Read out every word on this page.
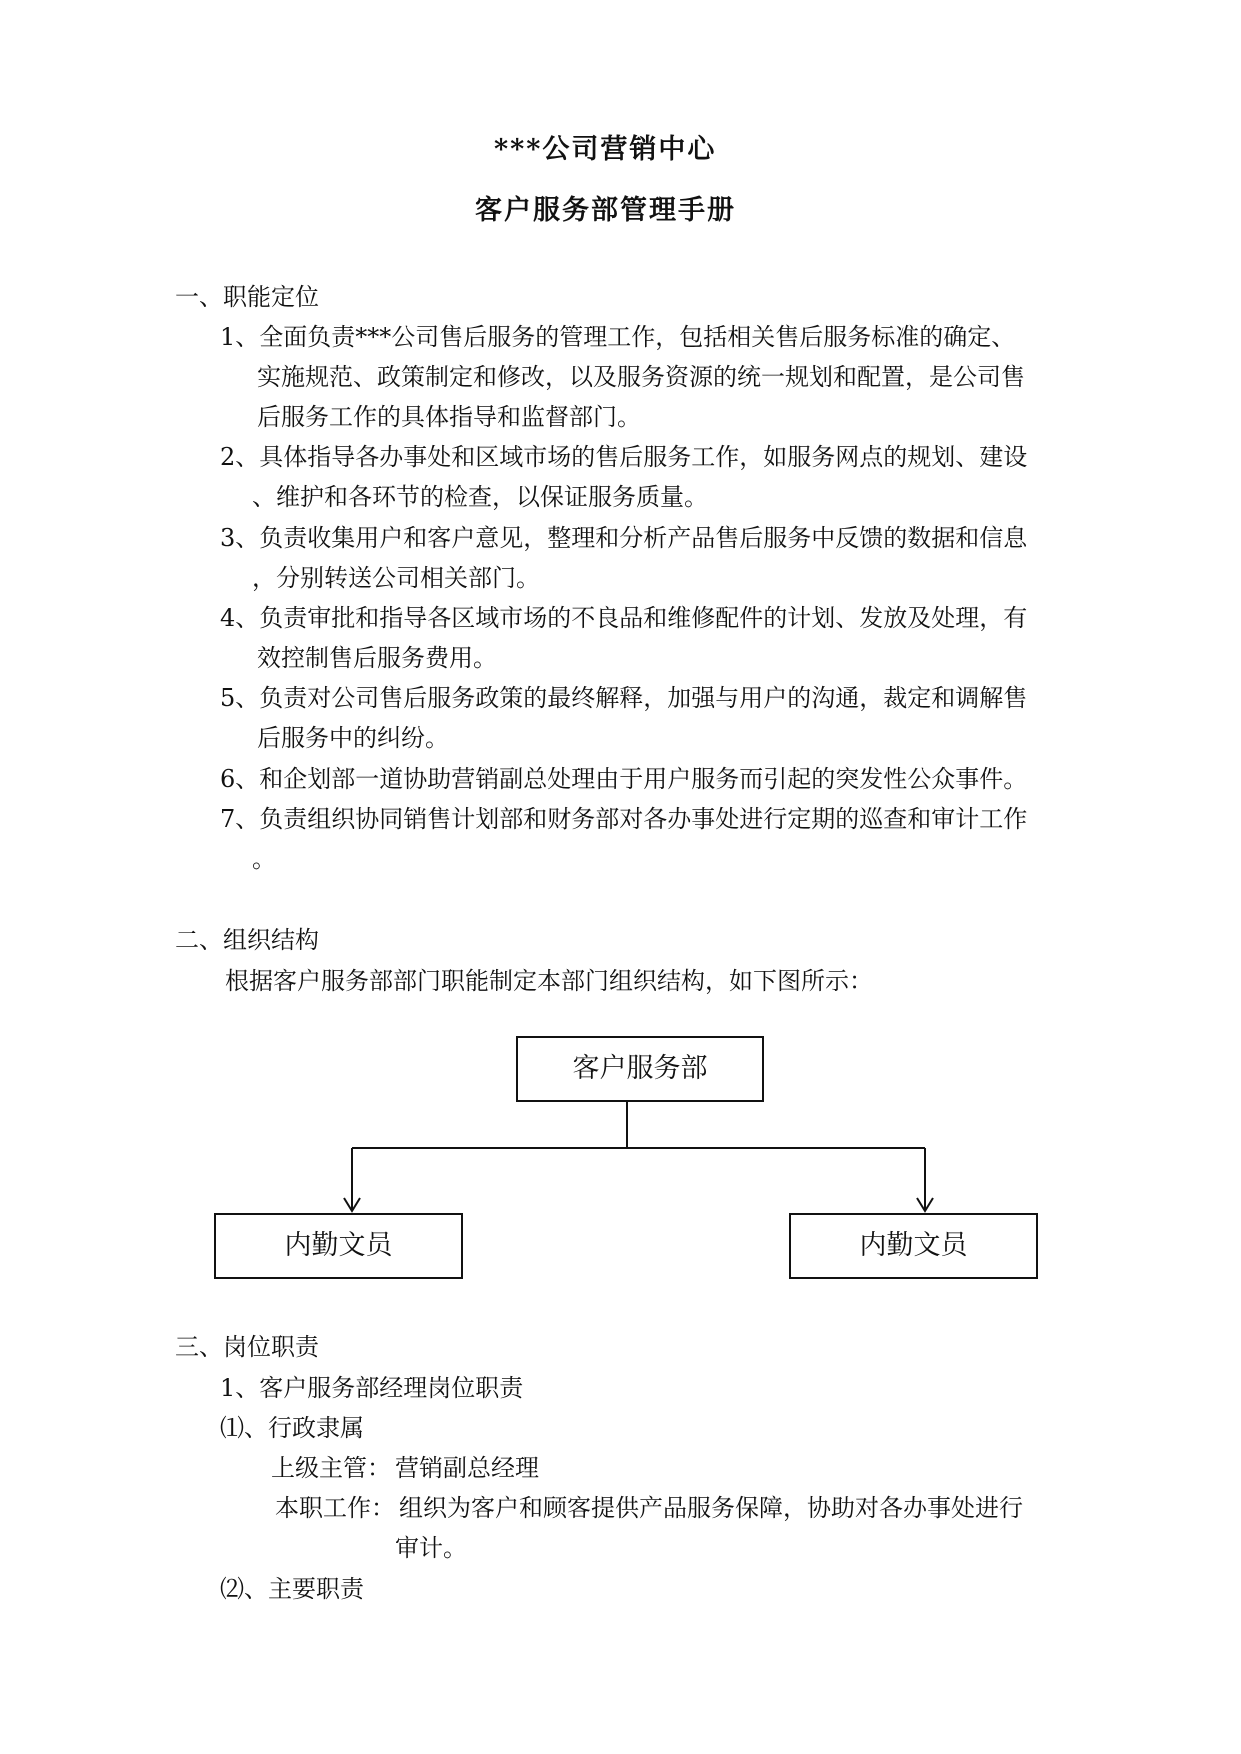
***公司营销中心
客户服务部管理手册
一、职能定位
1、全面负责***公司售后服务的管理工作，包括相关售后服务标准的确定、
实施规范、政策制定和修改，以及服务资源的统一规划和配置，是公司售
后服务工作的具体指导和监督部门。
2、具体指导各办事处和区域市场的售后服务工作，如服务网点的规划、建设
、维护和各环节的检查，以保证服务质量。
3、负责收集用户和客户意见，整理和分析产品售后服务中反馈的数据和信息
，分别转送公司相关部门。
4、负责审批和指导各区域市场的不良品和维修配件的计划、发放及处理，有
效控制售后服务费用。
5、负责对公司售后服务政策的最终解释，加强与用户的沟通，裁定和调解售
后服务中的纠纷。
6、和企划部一道协助营销副总处理由于用户服务而引起的突发性公众事件。
7、负责组织协同销售计划部和财务部对各办事处进行定期的巡查和审计工作
。
二、组织结构
根据客户服务部部门职能制定本部门组织结构，如下图所示：
客户服务部
内勤文员	内勤文员
三、岗位职责
1、客户服务部经理岗位职责
⑴、行政隶属
上级主管： 营销副总经理
本职工作： 组织为客户和顾客提供产品服务保障，协助对各办事处进行
审计。
⑵、主要职责
